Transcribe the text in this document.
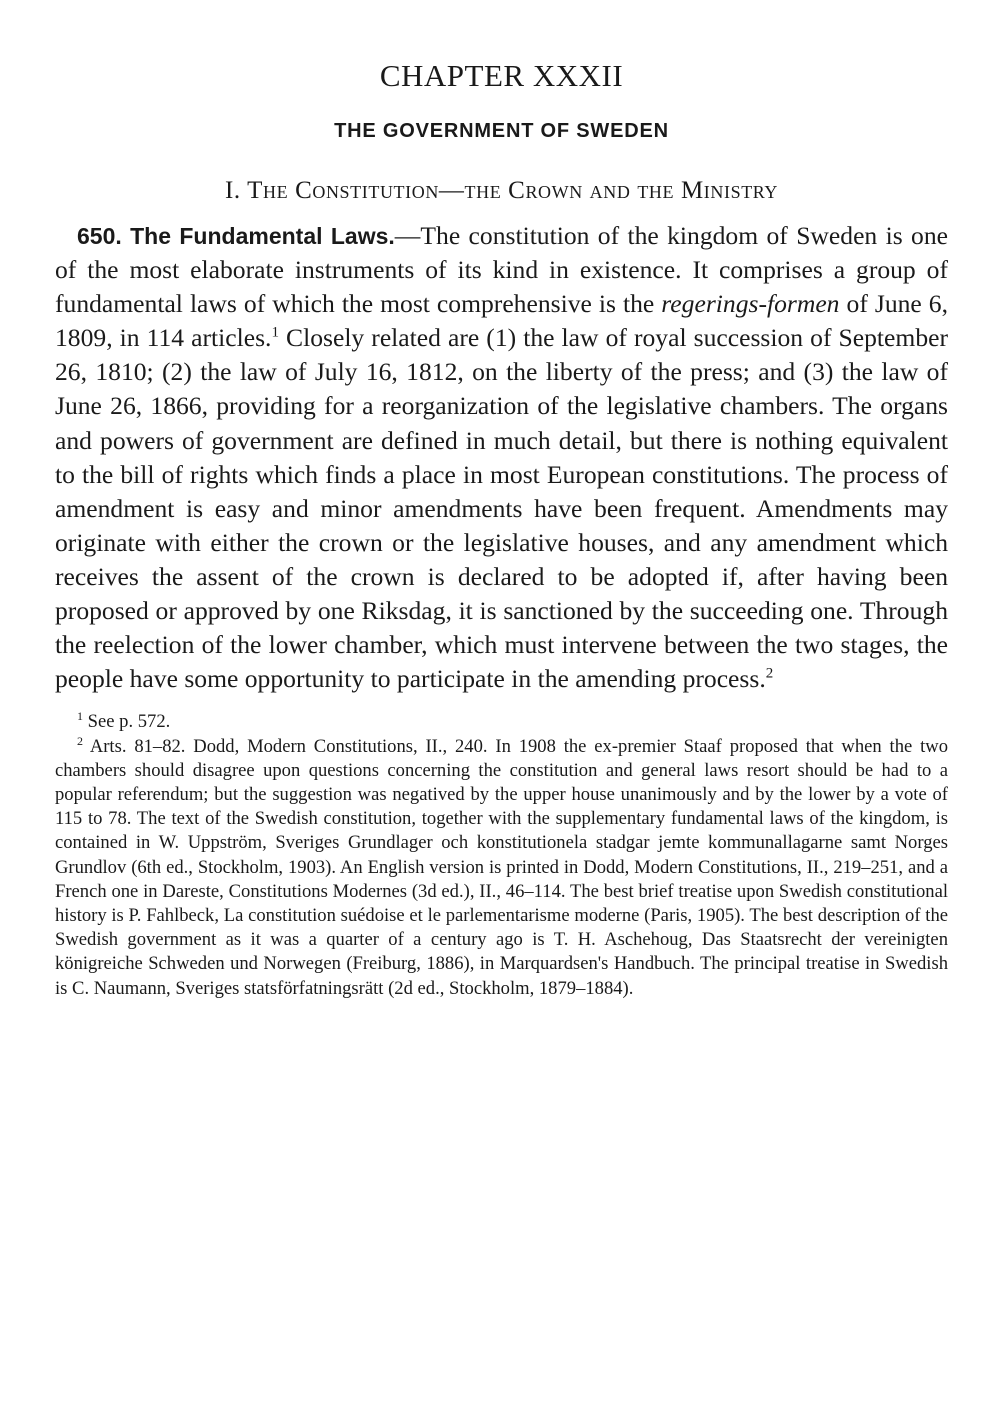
CHAPTER XXXII
THE GOVERNMENT OF SWEDEN
I. The Constitution—the Crown and the Ministry

650. The Fundamental Laws.—The constitution of the kingdom of Sweden is one of the most elaborate instruments of its kind in existence. It comprises a group of fundamental laws of which the most comprehensive is the regerings-formen of June 6, 1809, in 114 articles.$^1$ Closely related are (1) the law of royal succession of September 26, 1810; (2) the law of July 16, 1812, on the liberty of the press; and (3) the law of June 26, 1866, providing for a reorganization of the legislative chambers. The organs and powers of government are defined in much detail, but there is nothing equivalent to the bill of rights which finds a place in most European constitutions. The process of amendment is easy and minor amendments have been frequent. Amendments may originate with either the crown or the legislative houses, and any amendment which receives the assent of the crown is declared to be adopted if, after having been proposed or approved by one Riksdag, it is sanctioned by the succeeding one. Through the reelection of the lower chamber, which must intervene between the two stages, the people have some opportunity to participate in the amending process.$^2$

$^1$ See p. 572.

$^2$ Arts. 81–82. Dodd, Modern Constitutions, II., 240. In 1908 the ex-premier Staaf proposed that when the two chambers should disagree upon questions concerning the constitution and general laws resort should be had to a popular referendum; but the suggestion was negatived by the upper house unanimously and by the lower by a vote of 115 to 78. The text of the Swedish constitution, together with the supplementary fundamental laws of the kingdom, is contained in W. Uppström, Sveriges Grundlager och konstitutionela stadgar jemte kommunallagarne samt Norges Grundlov (6th ed., Stockholm, 1903). An English version is printed in Dodd, Modern Constitutions, II., 219–251, and a French one in Dareste, Constitutions Modernes (3d ed.), II., 46–114. The best brief treatise upon Swedish constitutional history is P. Fahlbeck, La constitution suédoise et le parlementarisme moderne (Paris, 1905). The best description of the Swedish government as it was a quarter of a century ago is T. H. Aschehoug, Das Staatsrecht der vereinigten königreiche Schweden und Norwegen (Freiburg, 1886), in Marquardsen's Handbuch. The principal treatise in Swedish is C. Naumann, Sveriges statsförfatningsrätt (2d ed., Stockholm, 1879–1884).
